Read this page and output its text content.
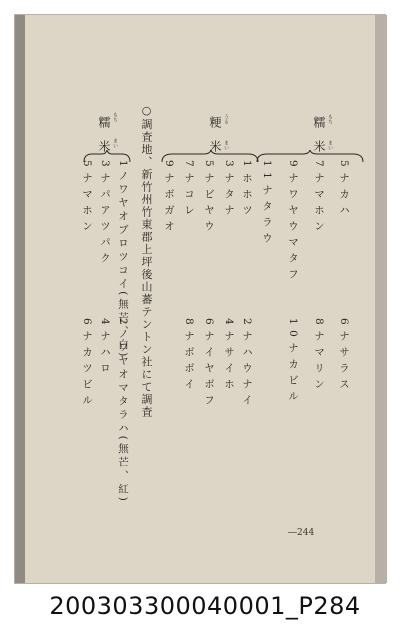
糯 もち
米 まい
粳 うる
米 まい
糯 もち
米 まい ○調査地、新竹州竹東郡上坪後山蕃テントン社にて調査	5ナカハ
6ナサラス
7ナマホン
8ナマリン
9ナワヤウマタフ
10ナカビル
11ナタラウ
1ホホツ
2ナハウナイ
3ナタナ
4ナサイホ
5ナビヤウ
6ナイヤボフ
7ナコレ
8ナボボイ
9ナボガオ
1ノワヤオブロツコイ(無芒、白)
2ノワヤオマタラハ(無芒、紅)
3ナパアツパク
4ナハロ
5ナマホン
6ナカツビル
―244
200303300040001_P284
